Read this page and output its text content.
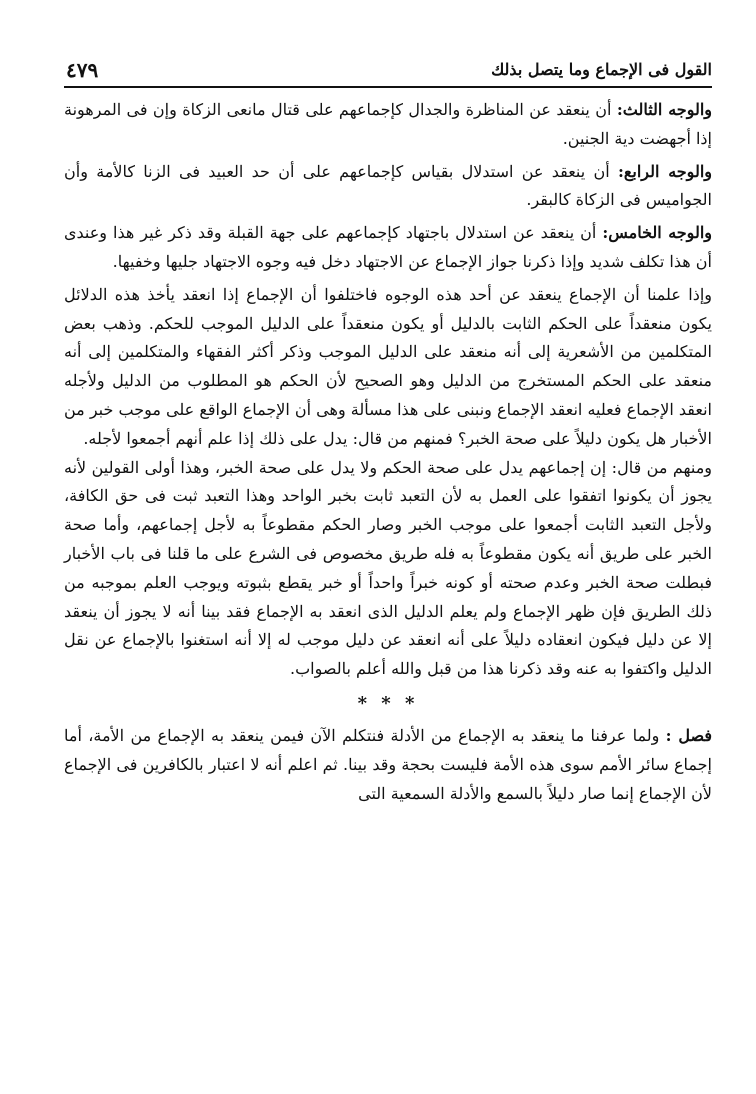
القول فى الإجماع وما يتصل بذلك
٤٧٩

والوجه الثالث: أن ينعقد عن المناظرة والجدال كإجماعهم على قتال مانعى الزكاة وإن فى المرهونة إذا أجهضت دية الجنين.

والوجه الرابع: أن ينعقد عن استدلال بقياس كإجماعهم على أن حد العبيد فى الزنا كالأمة وأن الجواميس فى الزكاة كالبقر.

والوجه الخامس: أن ينعقد عن استدلال باجتهاد كإجماعهم على جهة القبلة وقد ذكر غير هذا وعندى أن هذا تكلف شديد وإذا ذكرنا جواز الإجماع عن الاجتهاد دخل فيه وجوه الاجتهاد جليها وخفيها.

وإذا علمنا أن الإجماع ينعقد عن أحد هذه الوجوه فاختلفوا أن الإجماع إذا انعقد يأخذ هذه الدلائل يكون منعقداً على الحكم الثابت بالدليل أو يكون منعقداً على الدليل الموجب للحكم. وذهب بعض المتكلمين من الأشعرية إلى أنه منعقد على الدليل الموجب وذكر أكثر الفقهاء والمتكلمين إلى أنه منعقد على الحكم المستخرج من الدليل وهو الصحيح لأن الحكم هو المطلوب من الدليل ولأجله انعقد الإجماع فعليه انعقد الإجماع ونبنى على هذا مسألة وهى أن الإجماع الواقع على موجب خبر من الأخبار هل يكون دليلاً على صحة الخبر؟ فمنهم من قال: يدل على ذلك إذا علم أنهم أجمعوا لأجله.

ومنهم من قال: إن إجماعهم يدل على صحة الحكم ولا يدل على صحة الخبر، وهذا أولى القولين لأنه يجوز أن يكونوا اتفقوا على العمل به لأن التعبد ثابت بخبر الواحد وهذا التعبد ثبت فى حق الكافة، ولأجل التعبد الثابت أجمعوا على موجب الخبر وصار الحكم مقطوعاً به لأجل إجماعهم، وأما صحة الخبر على طريق أنه يكون مقطوعاً به فله طريق مخصوص فى الشرع على ما قلنا فى باب الأخبار فبطلت صحة الخبر وعدم صحته أو كونه خبراً واحداً أو خبر يقطع بثبوته ويوجب العلم بموجبه من ذلك الطريق فإن ظهر الإجماع ولم يعلم الدليل الذى انعقد به الإجماع فقد بينا أنه لا يجوز أن ينعقد إلا عن دليل فيكون انعقاده دليلاً على أنه انعقد عن دليل موجب له إلا أنه استغنوا بالإجماع عن نقل الدليل واكتفوا به عنه وقد ذكرنا هذا من قبل والله أعلم بالصواب.

* * *

فصل : ولما عرفنا ما ينعقد به الإجماع من الأدلة فنتكلم الآن فيمن ينعقد به الإجماع من الأمة، أما إجماع سائر الأمم سوى هذه الأمة فليست بحجة وقد بينا. ثم اعلم أنه لا اعتبار بالكافرين فى الإجماع لأن الإجماع إنما صار دليلاً بالسمع والأدلة السمعية التى
